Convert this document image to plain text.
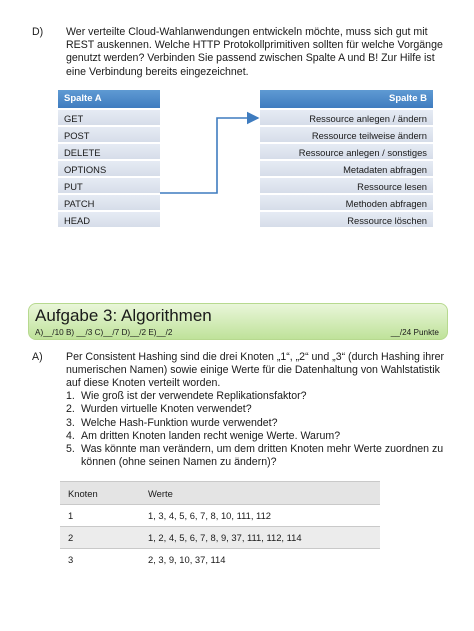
D) Wer verteilte Cloud-Wahlanwendungen entwickeln möchte, muss sich gut mit REST auskennen. Welche HTTP Protokollprimitiven sollten für welche Vorgänge genutzt werden? Verbinden Sie passend zwischen Spalte A und B! Zur Hilfe ist eine Verbindung bereits eingezeichnet.
Spalte A
GET
POST
DELETE
OPTIONS
PUT
PATCH
HEAD
Spalte B
Ressource anlegen / ändern
Ressource teilweise ändern
Ressource anlegen / sonstiges
Metadaten abfragen
Ressource lesen
Methoden abfragen
Ressource löschen
Aufgabe 3: Algorithmen
A)__/10 B) __/3 C)__/7 D)__/2 E)__/2	__/24 Punkte
A) Per Consistent Hashing sind die drei Knoten „1“, „2“ und „3“ (durch Hashing ihrer numerischen Namen) sowie einige Werte für die Datenhaltung von Wahlstatistik auf diese Knoten verteilt worden.
1. Wie groß ist der verwendete Replikationsfaktor?
2. Wurden virtuelle Knoten verwendet?
3. Welche Hash-Funktion wurde verwendet?
4. Am dritten Knoten landen recht wenige Werte. Warum?
5. Was könnte man verändern, um dem dritten Knoten mehr Werte zuordnen zu können (ohne seinen Namen zu ändern)?
Knoten	Werte
1	1, 3, 4, 5, 6, 7, 8, 10, 111, 112
2	1, 2, 4, 5, 6, 7, 8, 9, 37, 111, 112, 114
3	2, 3, 9, 10, 37, 114
